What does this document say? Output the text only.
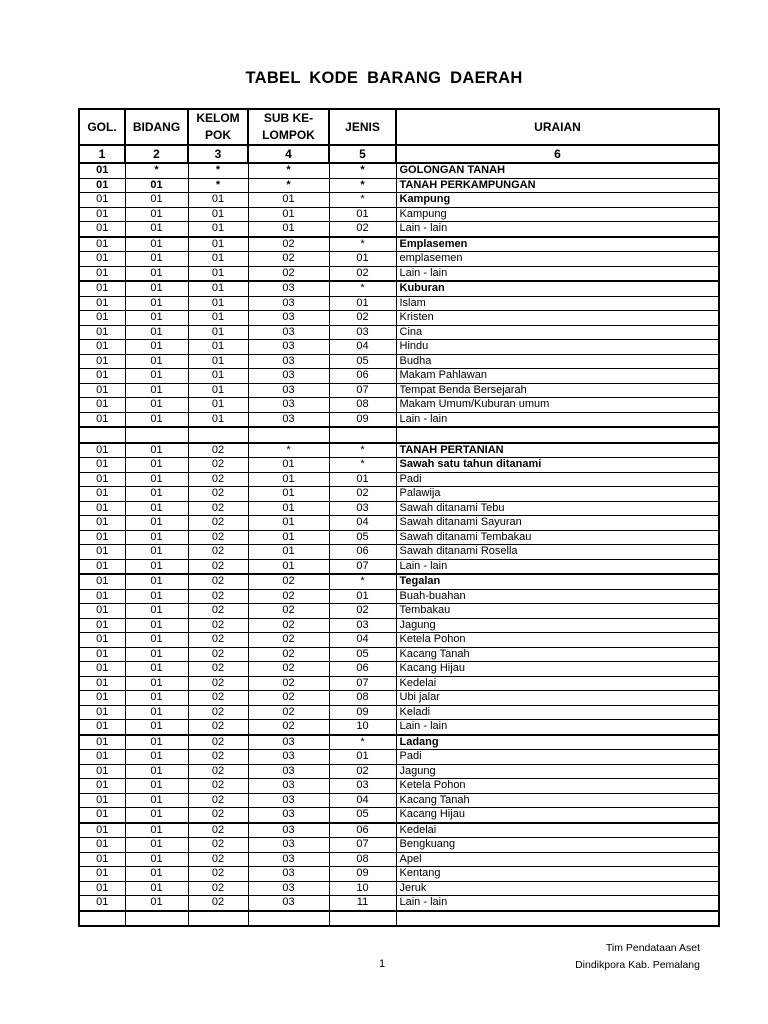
TABEL KODE BARANG DAERAH
GOL.	BIDANG	KELOM POK	SUB KE- LOMPOK	JENIS	URAIAN
1	2	3	4	5	6
01	*	*	*	*	GOLONGAN TANAH
01	01	*	*	*	TANAH PERKAMPUNGAN
01	01	01	01	*	Kampung
01	01	01	01	01	Kampung
01	01	01	01	02	Lain - lain
01	01	01	02	*	Emplasemen
01	01	01	02	01	emplasemen
01	01	01	02	02	Lain - lain
01	01	01	03	*	Kuburan
01	01	01	03	01	Islam
01	01	01	03	02	Kristen
01	01	01	03	03	Cina
01	01	01	03	04	Hindu
01	01	01	03	05	Budha
01	01	01	03	06	Makam Pahlawan
01	01	01	03	07	Tempat Benda Bersejarah
01	01	01	03	08	Makam Umum/Kuburan umum
01	01	01	03	09	Lain - lain

01	01	02	*	*	TANAH PERTANIAN
01	01	02	01	*	Sawah satu tahun ditanami
01	01	02	01	01	Padi
01	01	02	01	02	Palawija
01	01	02	01	03	Sawah ditanami Tebu
01	01	02	01	04	Sawah ditanami Sayuran
01	01	02	01	05	Sawah ditanami Tembakau
01	01	02	01	06	Sawah ditanami Rosella
01	01	02	01	07	Lain - lain
01	01	02	02	*	Tegalan
01	01	02	02	01	Buah-buahan
01	01	02	02	02	Tembakau
01	01	02	02	03	Jagung
01	01	02	02	04	Ketela Pohon
01	01	02	02	05	Kacang Tanah
01	01	02	02	06	Kacang Hijau
01	01	02	02	07	Kedelai
01	01	02	02	08	Ubi jalar
01	01	02	02	09	Keladi
01	01	02	02	10	Lain - lain
01	01	02	03	*	Ladang
01	01	02	03	01	Padi
01	01	02	03	02	Jagung
01	01	02	03	03	Ketela Pohon
01	01	02	03	04	Kacang Tanah
01	01	02	03	05	Kacang Hijau
01	01	02	03	06	Kedelai
01	01	02	03	07	Bengkuang
01	01	02	03	08	Apel
01	01	02	03	09	Kentang
01	01	02	03	10	Jeruk
01	01	02	03	11	Lain - lain

1
Tim Pendataan Aset
Dindikpora Kab. Pemalang
